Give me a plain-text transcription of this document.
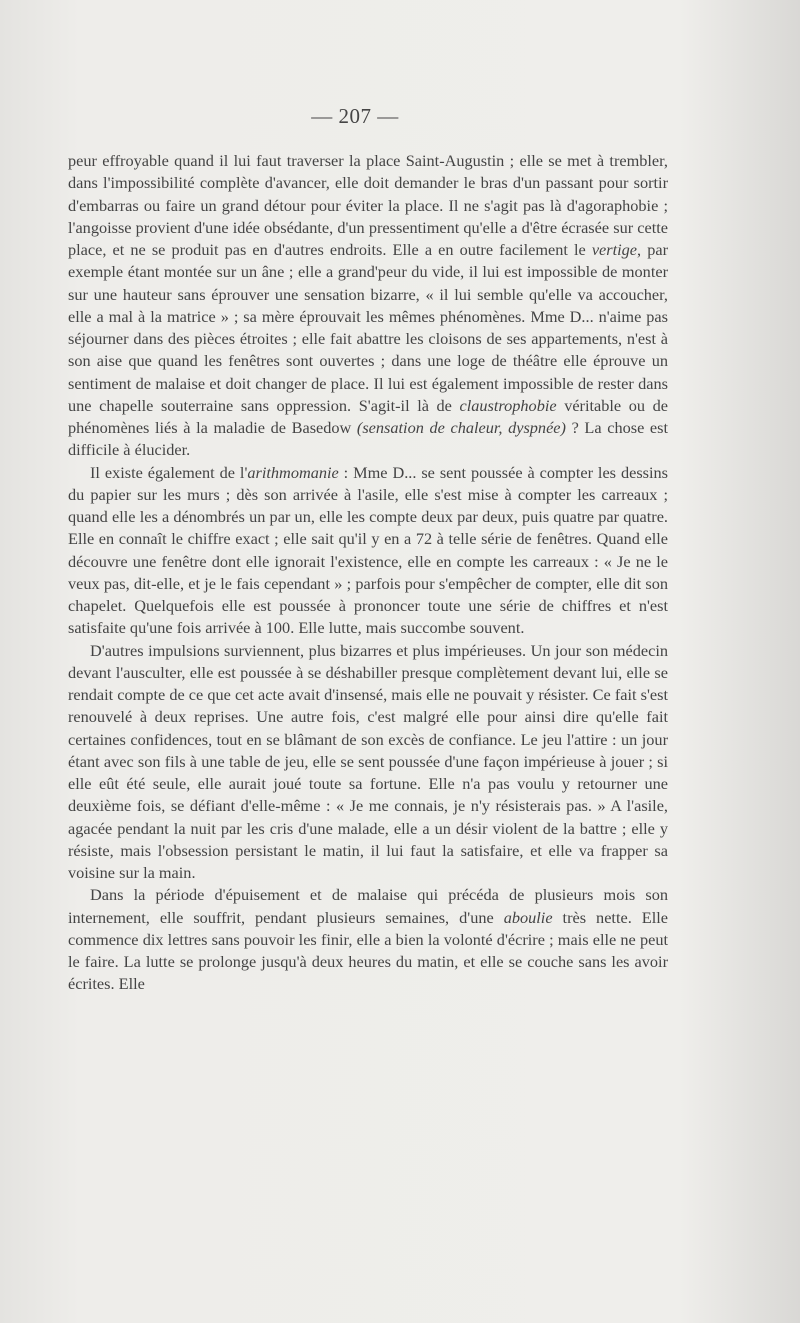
— 207 —

peur effroyable quand il lui faut traverser la place Saint-Augustin ; elle se met à trembler, dans l'impossibilité complète d'avancer, elle doit demander le bras d'un passant pour sortir d'embarras ou faire un grand détour pour éviter la place. Il ne s'agit pas là d'agoraphobie ; l'angoisse provient d'une idée obsédante, d'un pressentiment qu'elle a d'être écrasée sur cette place, et ne se produit pas en d'autres endroits. Elle a en outre facilement le vertige, par exemple étant montée sur un âne ; elle a grand'peur du vide, il lui est impossible de monter sur une hauteur sans éprouver une sensation bizarre, « il lui semble qu'elle va accoucher, elle a mal à la matrice » ; sa mère éprouvait les mêmes phénomènes. Mme D... n'aime pas séjourner dans des pièces étroites ; elle fait abattre les cloisons de ses appartements, n'est à son aise que quand les fenêtres sont ouvertes ; dans une loge de théâtre elle éprouve un sentiment de malaise et doit changer de place. Il lui est également impossible de rester dans une chapelle souterraine sans oppression. S'agit-il là de claustrophobie véritable ou de phénomènes liés à la maladie de Basedow (sensation de chaleur, dyspnée) ? La chose est difficile à élucider.

Il existe également de l'arithmomanie : Mme D... se sent poussée à compter les dessins du papier sur les murs ; dès son arrivée à l'asile, elle s'est mise à compter les carreaux ; quand elle les a dénombrés un par un, elle les compte deux par deux, puis quatre par quatre. Elle en connaît le chiffre exact ; elle sait qu'il y en a 72 à telle série de fenêtres. Quand elle découvre une fenêtre dont elle ignorait l'existence, elle en compte les carreaux : « Je ne le veux pas, dit-elle, et je le fais cependant » ; parfois pour s'empêcher de compter, elle dit son chapelet. Quelquefois elle est poussée à prononcer toute une série de chiffres et n'est satisfaite qu'une fois arrivée à 100. Elle lutte, mais succombe souvent.

D'autres impulsions surviennent, plus bizarres et plus impérieuses. Un jour son médecin devant l'ausculter, elle est poussée à se déshabiller presque complètement devant lui, elle se rendait compte de ce que cet acte avait d'insensé, mais elle ne pouvait y résister. Ce fait s'est renouvelé à deux reprises. Une autre fois, c'est malgré elle pour ainsi dire qu'elle fait certaines confidences, tout en se blâmant de son excès de confiance. Le jeu l'attire : un jour étant avec son fils à une table de jeu, elle se sent poussée d'une façon impérieuse à jouer ; si elle eût été seule, elle aurait joué toute sa fortune. Elle n'a pas voulu y retourner une deuxième fois, se défiant d'elle-même : « Je me connais, je n'y résisterais pas. » A l'asile, agacée pendant la nuit par les cris d'une malade, elle a un désir violent de la battre ; elle y résiste, mais l'obsession persistant le matin, il lui faut la satisfaire, et elle va frapper sa voisine sur la main.

Dans la période d'épuisement et de malaise qui précéda de plusieurs mois son internement, elle souffrit, pendant plusieurs semaines, d'une aboulie très nette. Elle commence dix lettres sans pouvoir les finir, elle a bien la volonté d'écrire ; mais elle ne peut le faire. La lutte se prolonge jusqu'à deux heures du matin, et elle se couche sans les avoir écrites. Elle
